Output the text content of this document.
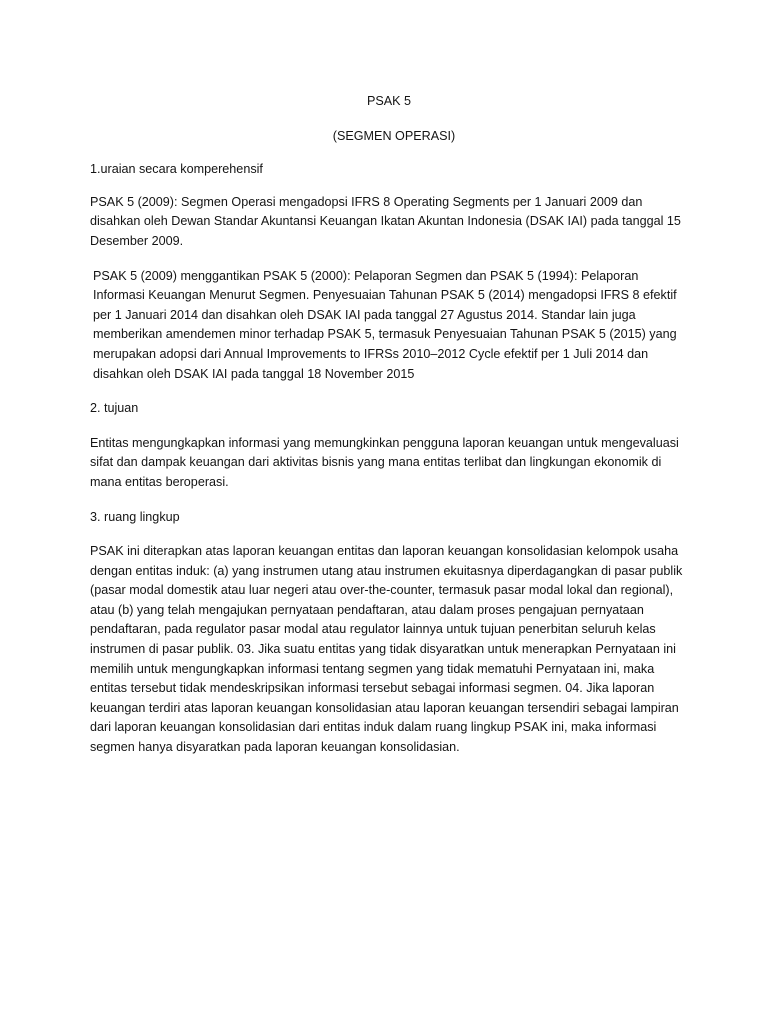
PSAK 5

(SEGMEN OPERASI)

1.uraian secara komperehensif

PSAK 5 (2009): Segmen Operasi mengadopsi IFRS 8 Operating Segments per 1 Januari 2009 dan disahkan oleh Dewan Standar Akuntansi Keuangan Ikatan Akuntan Indonesia (DSAK IAI) pada tanggal 15 Desember 2009.

PSAK 5 (2009) menggantikan PSAK 5 (2000): Pelaporan Segmen dan PSAK 5 (1994): Pelaporan Informasi Keuangan Menurut Segmen. Penyesuaian Tahunan PSAK 5 (2014) mengadopsi IFRS 8 efektif per 1 Januari 2014 dan disahkan oleh DSAK IAI pada tanggal 27 Agustus 2014. Standar lain juga memberikan amendemen minor terhadap PSAK 5, termasuk Penyesuaian Tahunan PSAK 5 (2015) yang merupakan adopsi dari Annual Improvements to IFRSs 2010–2012 Cycle efektif per 1 Juli 2014 dan disahkan oleh DSAK IAI pada tanggal 18 November 2015

2. tujuan

Entitas mengungkapkan informasi yang memungkinkan pengguna laporan keuangan untuk mengevaluasi sifat dan dampak keuangan dari aktivitas bisnis yang mana entitas terlibat dan lingkungan ekonomik di mana entitas beroperasi.

3. ruang lingkup

PSAK ini diterapkan atas laporan keuangan entitas dan laporan keuangan konsolidasian kelompok usaha dengan entitas induk: (a) yang instrumen utang atau instrumen ekuitasnya diperdagangkan di pasar publik (pasar modal domestik atau luar negeri atau over-the-counter, termasuk pasar modal lokal dan regional), atau (b) yang telah mengajukan pernyataan pendaftaran, atau dalam proses pengajuan pernyataan pendaftaran, pada regulator pasar modal atau regulator lainnya untuk tujuan penerbitan seluruh kelas instrumen di pasar publik. 03. Jika suatu entitas yang tidak disyaratkan untuk menerapkan Pernyataan ini memilih untuk mengungkapkan informasi tentang segmen yang tidak mematuhi Pernyataan ini, maka entitas tersebut tidak mendeskripsikan informasi tersebut sebagai informasi segmen. 04. Jika laporan keuangan terdiri atas laporan keuangan konsolidasian atau laporan keuangan tersendiri sebagai lampiran dari laporan keuangan konsolidasian dari entitas induk dalam ruang lingkup PSAK ini, maka informasi segmen hanya disyaratkan pada laporan keuangan konsolidasian.
